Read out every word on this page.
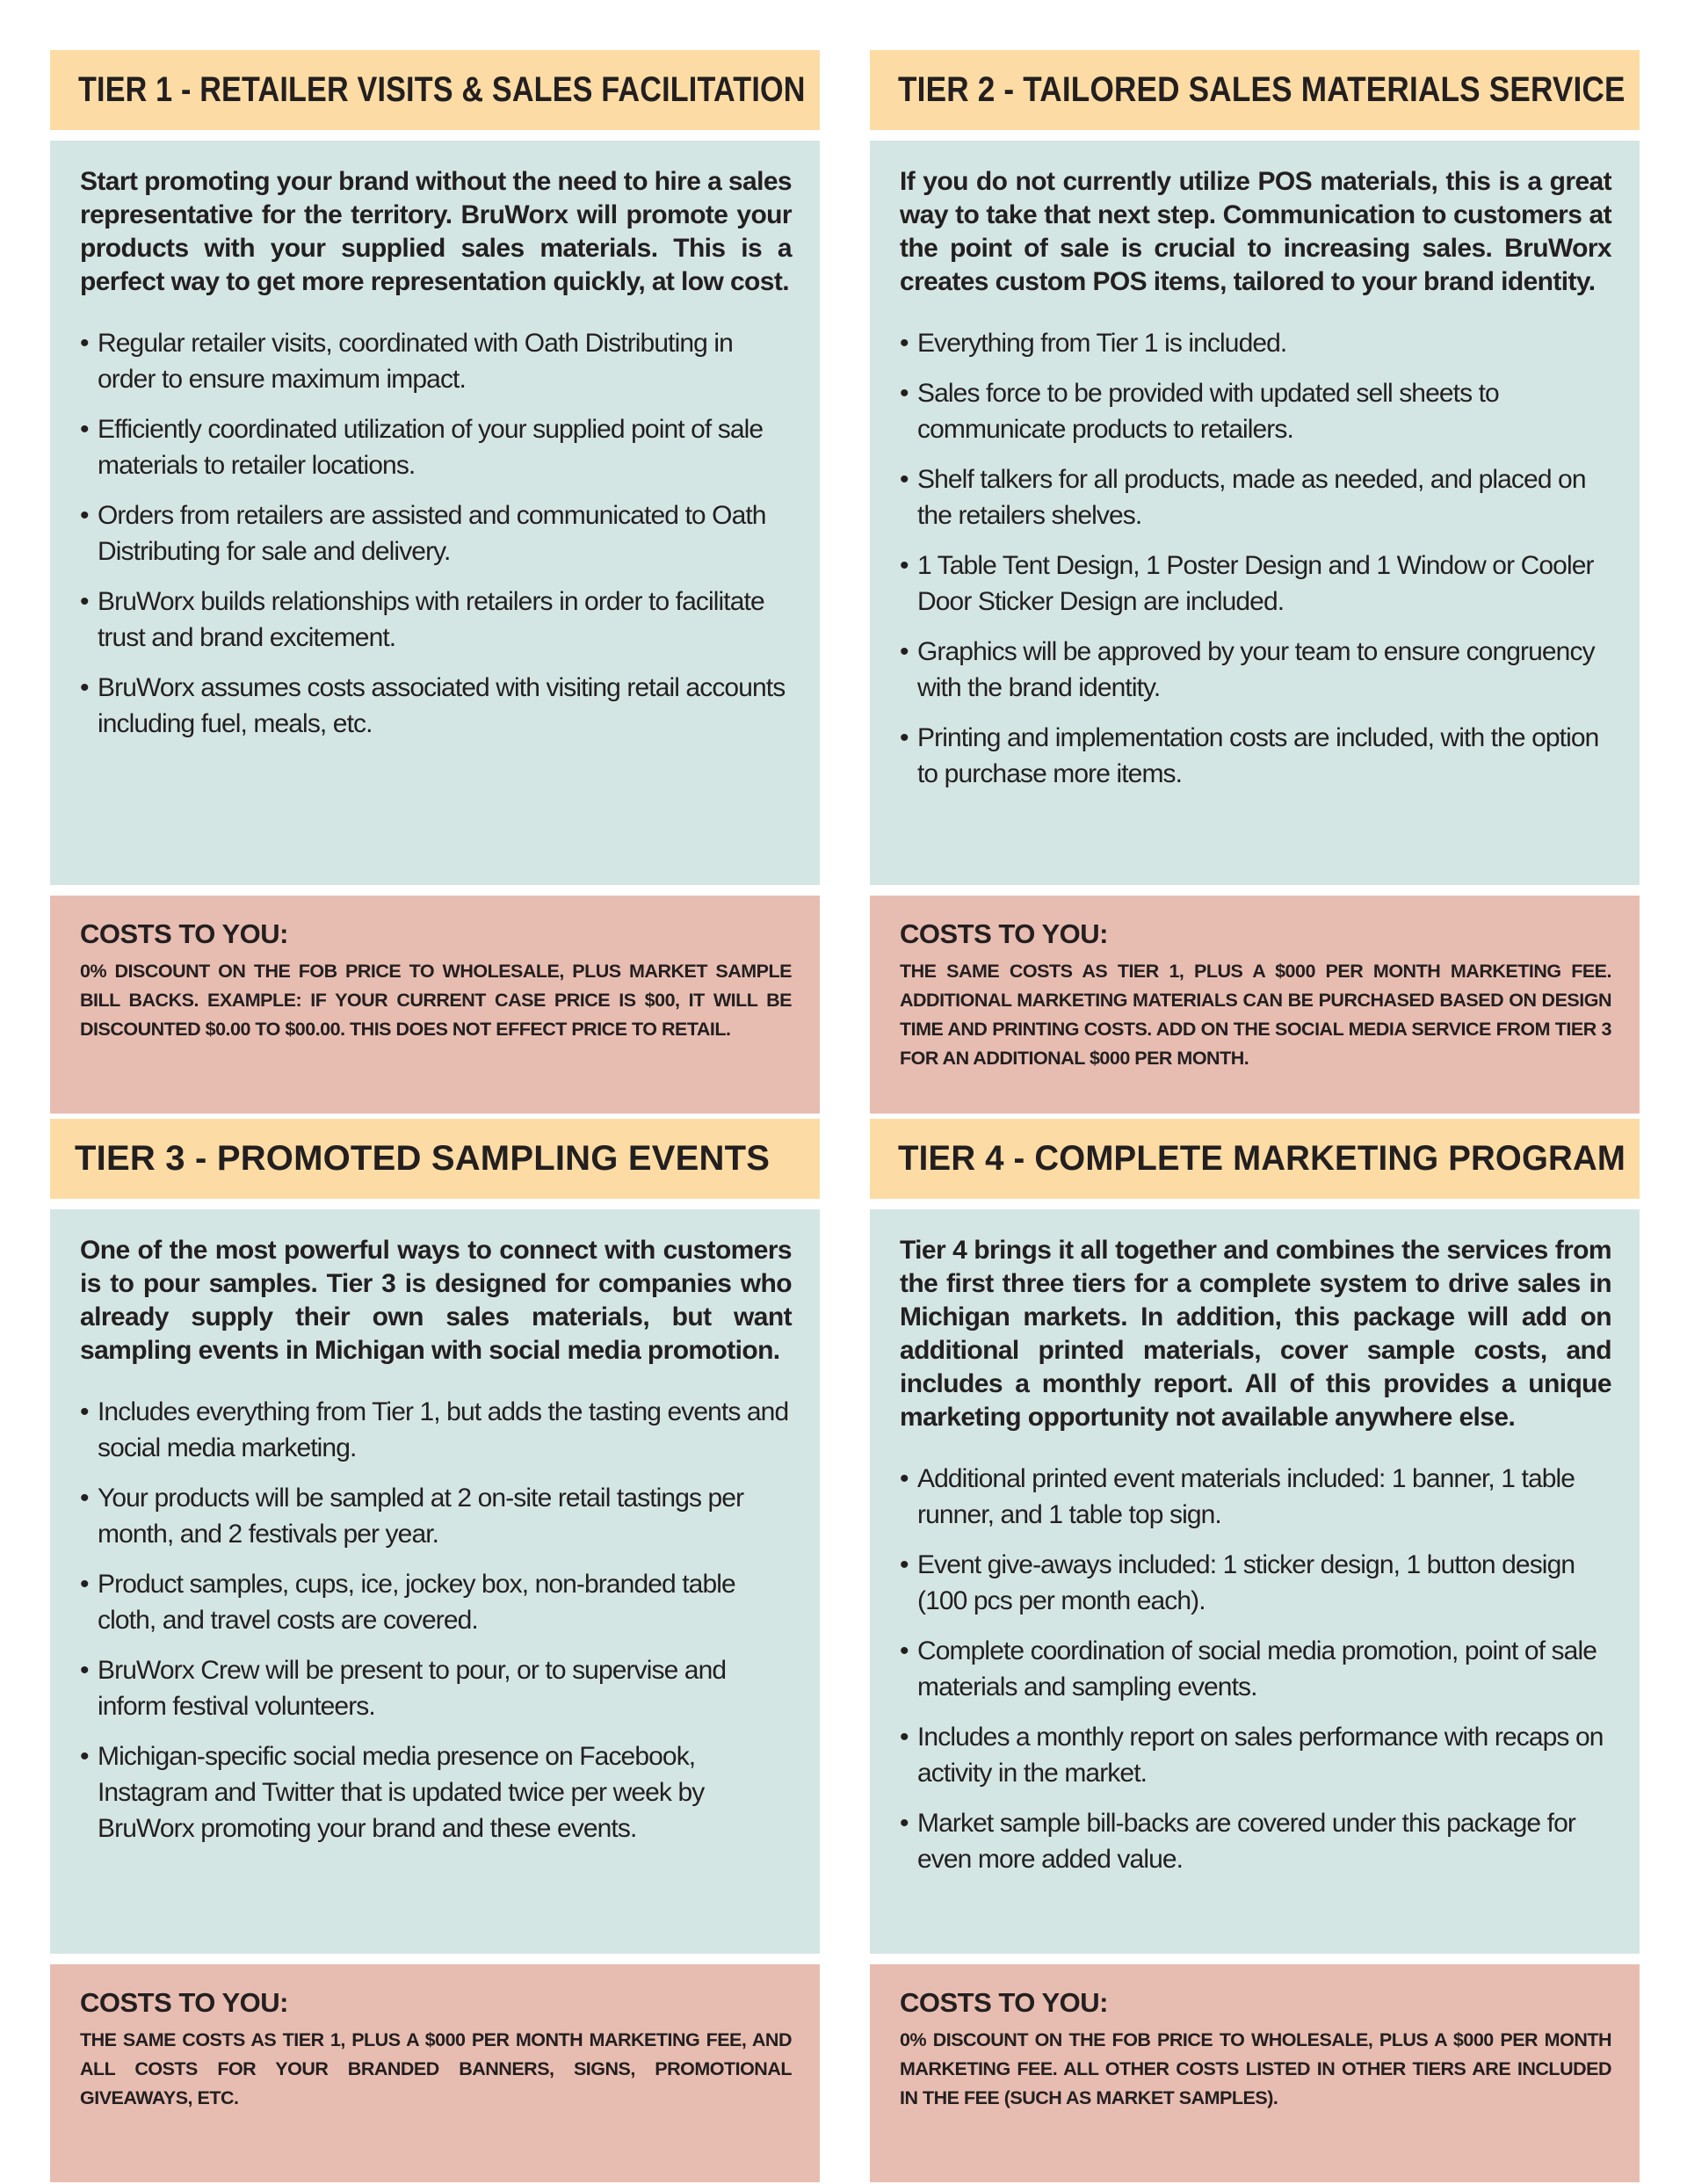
TIER 1 - RETAILER VISITS & SALES FACILITATION

Start promoting your brand without the need to hire a sales representative for the territory. BruWorx will promote your products with your supplied sales materials. This is a perfect way to get more representation quickly, at low cost.

• Regular retailer visits, coordinated with Oath Distributing in order to ensure maximum impact.
• Efficiently coordinated utilization of your supplied point of sale materials to retailer locations.
• Orders from retailers are assisted and communicated to Oath Distributing for sale and delivery.
• BruWorx builds relationships with retailers in order to facilitate trust and brand excitement.
• BruWorx assumes costs associated with visiting retail accounts including fuel, meals, etc.
COSTS TO YOU:
0% DISCOUNT ON THE FOB PRICE TO WHOLESALE, PLUS MARKET SAMPLE BILL BACKS. EXAMPLE: IF YOUR CURRENT CASE PRICE IS $00, IT WILL BE DISCOUNTED $0.00 TO $00.00. THIS DOES NOT EFFECT PRICE TO RETAIL.
TIER 2 - TAILORED SALES MATERIALS SERVICE

If you do not currently utilize POS materials, this is a great way to take that next step. Communication to customers at the point of sale is crucial to increasing sales. BruWorx creates custom POS items, tailored to your brand identity.

• Everything from Tier 1 is included.
• Sales force to be provided with updated sell sheets to communicate products to retailers.
• Shelf talkers for all products, made as needed, and placed on the retailers shelves.
• 1 Table Tent Design, 1 Poster Design and 1 Window or Cooler Door Sticker Design are included.
• Graphics will be approved by your team to ensure congruency with the brand identity.
• Printing and implementation costs are included, with the option to purchase more items.
COSTS TO YOU:
THE SAME COSTS AS TIER 1, PLUS A $000 PER MONTH MARKETING FEE. ADDITIONAL MARKETING MATERIALS CAN BE PURCHASED BASED ON DESIGN TIME AND PRINTING COSTS. ADD ON THE SOCIAL MEDIA SERVICE FROM TIER 3 FOR AN ADDITIONAL $000 PER MONTH.
TIER 3 - PROMOTED SAMPLING EVENTS

One of the most powerful ways to connect with customers is to pour samples. Tier 3 is designed for companies who already supply their own sales materials, but want sampling events in Michigan with social media promotion.

• Includes everything from Tier 1, but adds the tasting events and social media marketing.
• Your products will be sampled at 2 on-site retail tastings per month, and 2 festivals per year.
• Product samples, cups, ice, jockey box, non-branded table cloth, and travel costs are covered.
• BruWorx Crew will be present to pour, or to supervise and inform festival volunteers.
• Michigan-specific social media presence on Facebook, Instagram and Twitter that is updated twice per week by BruWorx promoting your brand and these events.
COSTS TO YOU:
THE SAME COSTS AS TIER 1, PLUS A $000 PER MONTH MARKETING FEE, AND ALL COSTS FOR YOUR BRANDED BANNERS, SIGNS, PROMOTIONAL GIVEAWAYS, ETC.
TIER 4 - COMPLETE MARKETING PROGRAM

Tier 4 brings it all together and combines the services from the first three tiers for a complete system to drive sales in Michigan markets. In addition, this package will add on additional printed materials, cover sample costs, and includes a monthly report. All of this provides a unique marketing opportunity not available anywhere else.

• Additional printed event materials included: 1 banner, 1 table runner, and 1 table top sign.
• Event give-aways included: 1 sticker design, 1 button design (100 pcs per month each).
• Complete coordination of social media promotion, point of sale materials and sampling events.
• Includes a monthly report on sales performance with recaps on activity in the market.
• Market sample bill-backs are covered under this package for even more added value.
COSTS TO YOU:
0% DISCOUNT ON THE FOB PRICE TO WHOLESALE, PLUS A $000 PER MONTH MARKETING FEE. ALL OTHER COSTS LISTED IN OTHER TIERS ARE INCLUDED IN THE FEE (SUCH AS MARKET SAMPLES).
